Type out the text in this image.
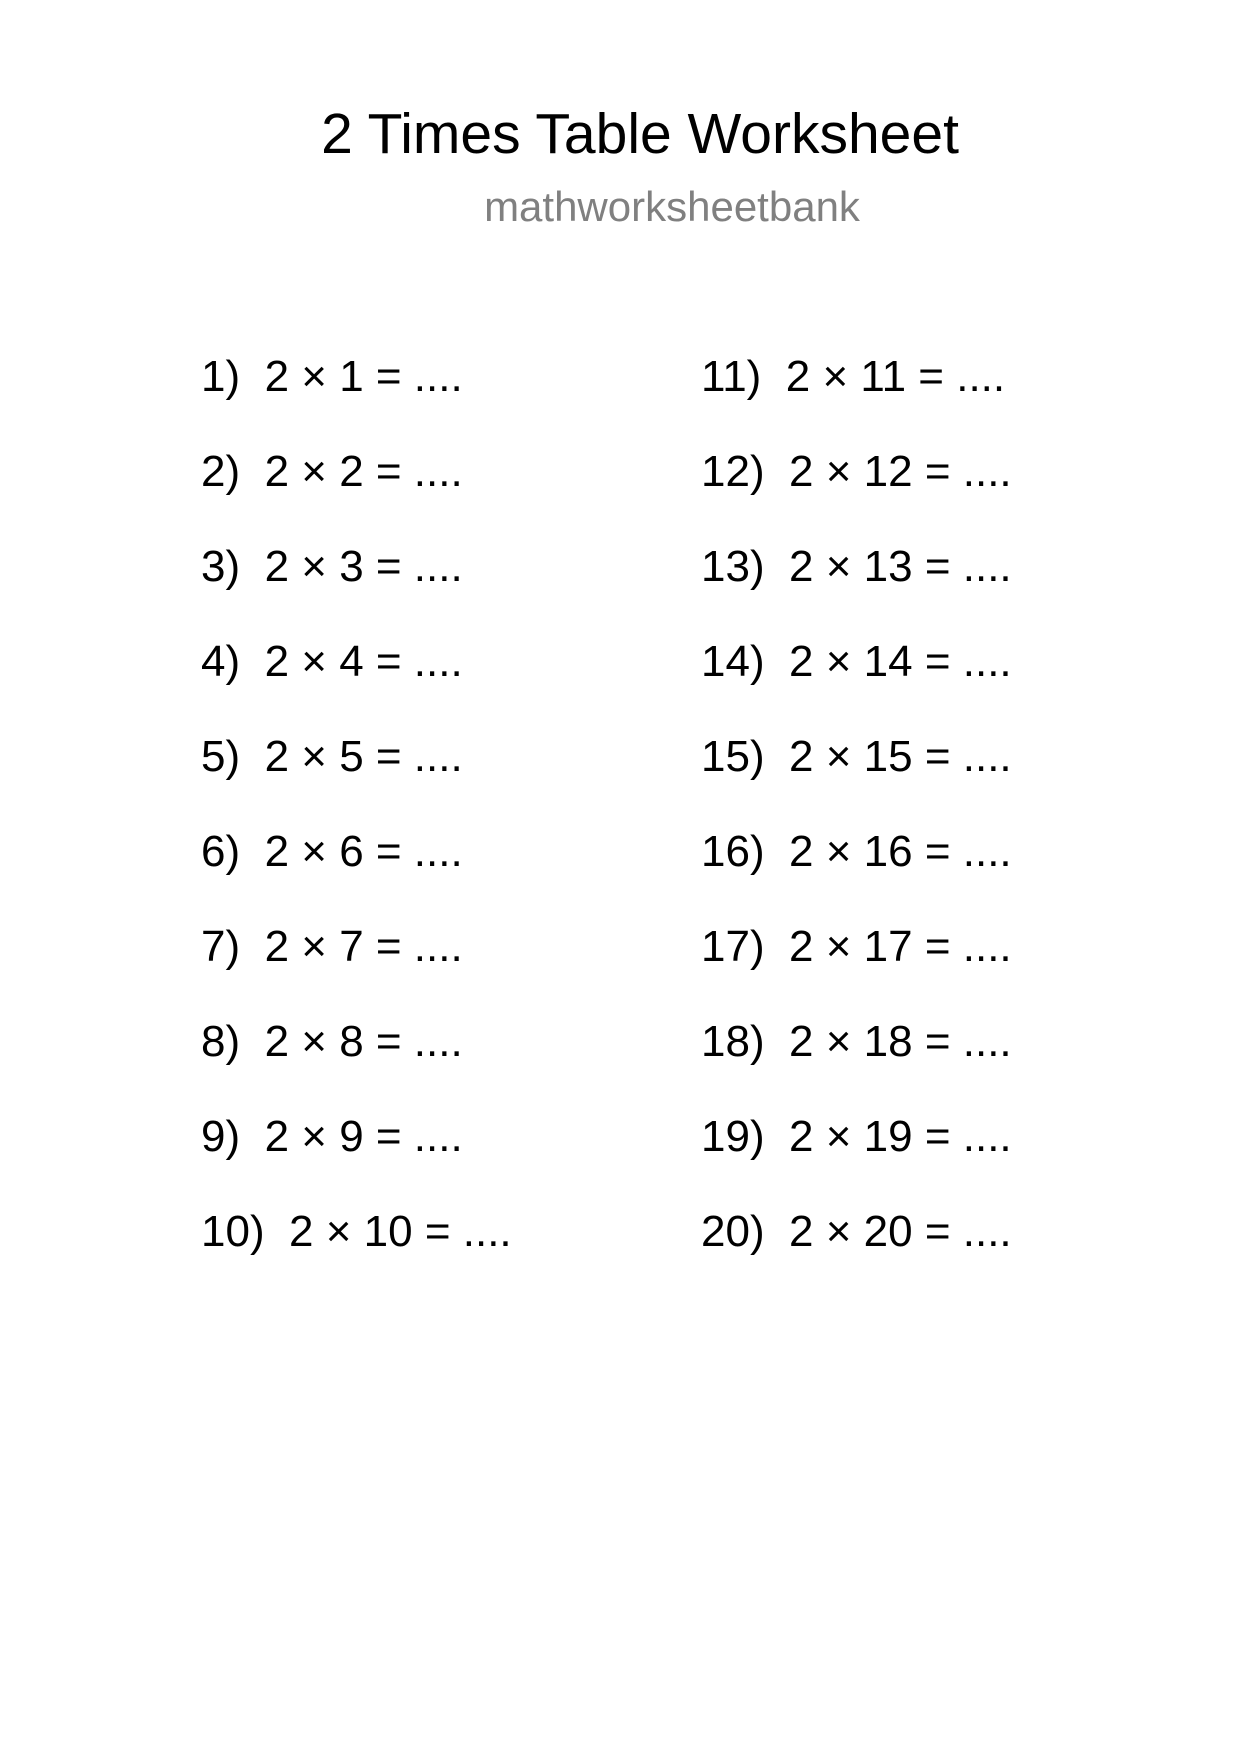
2 Times Table Worksheet
mathworksheetbank
1)  2 × 1 = ....
2)  2 × 2 = ....
3)  2 × 3 = ....
4)  2 × 4 = ....
5)  2 × 5 = ....
6)  2 × 6 = ....
7)  2 × 7 = ....
8)  2 × 8 = ....
9)  2 × 9 = ....
10)  2 × 10 = ....
11)  2 × 11 = ....
12)  2 × 12 = ....
13)  2 × 13 = ....
14)  2 × 14 = ....
15)  2 × 15 = ....
16)  2 × 16 = ....
17)  2 × 17 = ....
18)  2 × 18 = ....
19)  2 × 19 = ....
20)  2 × 20 = ....
